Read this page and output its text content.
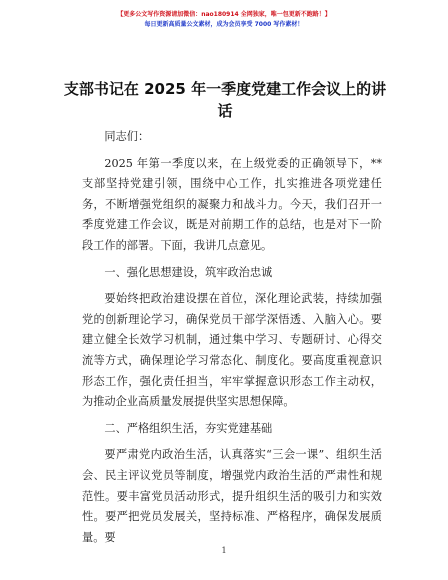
【更多公文写作资源请加微信：nao180914 全网独家，唯一包更新不跑路！】
每日更新高质量公文素材，成为会员享受 7000 写作素材！
支部书记在 2025 年一季度党建工作会议上的讲话

同志们：

2025 年第一季度以来，在上级党委的正确领导下，**支部坚持党建引领，围绕中心工作，扎实推进各项党建任务，不断增强党组织的凝聚力和战斗力。今天，我们召开一季度党建工作会议，既是对前期工作的总结，也是对下一阶段工作的部署。下面，我讲几点意见。

一、强化思想建设，筑牢政治忠诚

要始终把政治建设摆在首位，深化理论武装，持续加强党的创新理论学习，确保党员干部学深悟透、入脑入心。要建立健全长效学习机制，通过集中学习、专题研讨、心得交流等方式，确保理论学习常态化、制度化。要高度重视意识形态工作，强化责任担当，牢牢掌握意识形态工作主动权，为推动企业高质量发展提供坚实思想保障。

二、严格组织生活，夯实党建基础

要严肃党内政治生活，认真落实“三会一课”、组织生活会、民主评议党员等制度，增强党内政治生活的严肃性和规范性。要丰富党员活动形式，提升组织生活的吸引力和实效性。要严把党员发展关，坚持标准、严格程序，确保发展质量。要

1
